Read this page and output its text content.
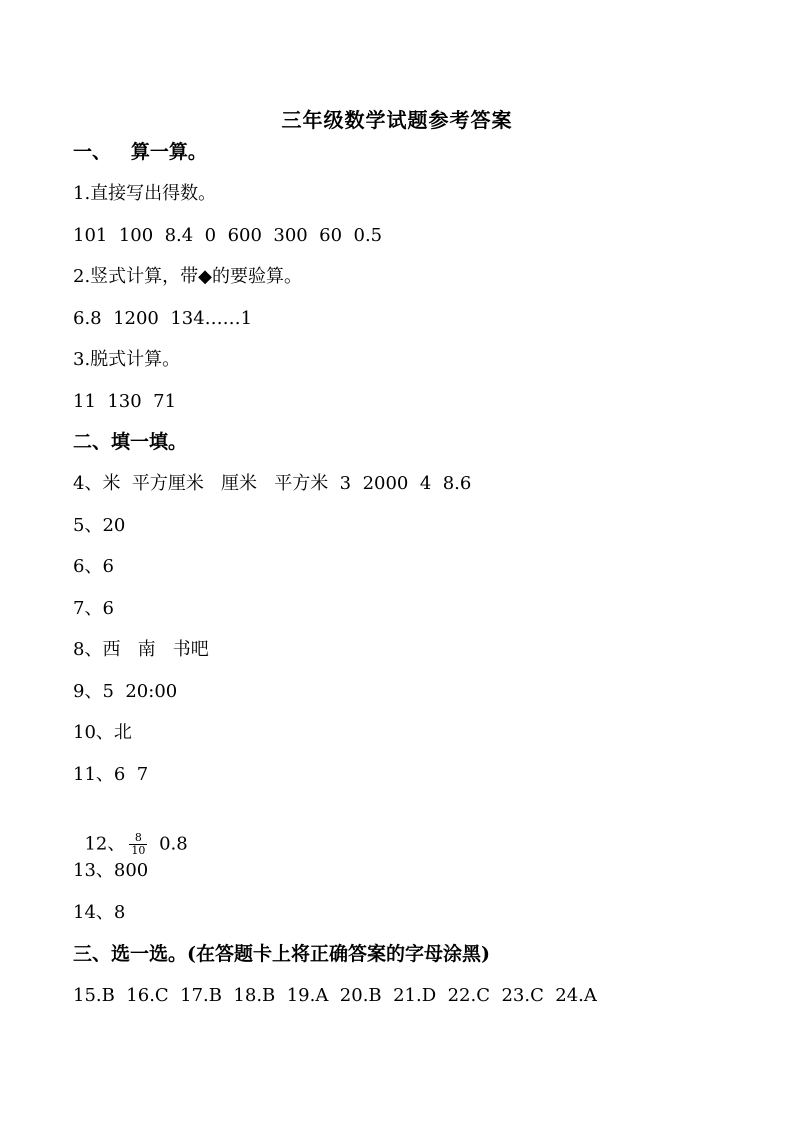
三年级数学试题参考答案
一、   算一算。
1.直接写出得数。
101  100  8.4  0  600  300  60  0.5
2.竖式计算，带◆的要验算。
6.8  1200  134……1
3.脱式计算。
11  130  71
二、填一填。
4、米  平方厘米   厘米   平方米  3  2000  4  8.6
5、20
6、6
7、6
8、西   南   书吧
9、5  20:00
10、北
11、6  7

12、 $\frac{8}{10} 0.8$

13、800
14、8
三、选一选。(在答题卡上将正确答案的字母涂黑)
15.B  16.C  17.B  18.B  19.A  20.B  21.D  22.C  23.C  24.A
